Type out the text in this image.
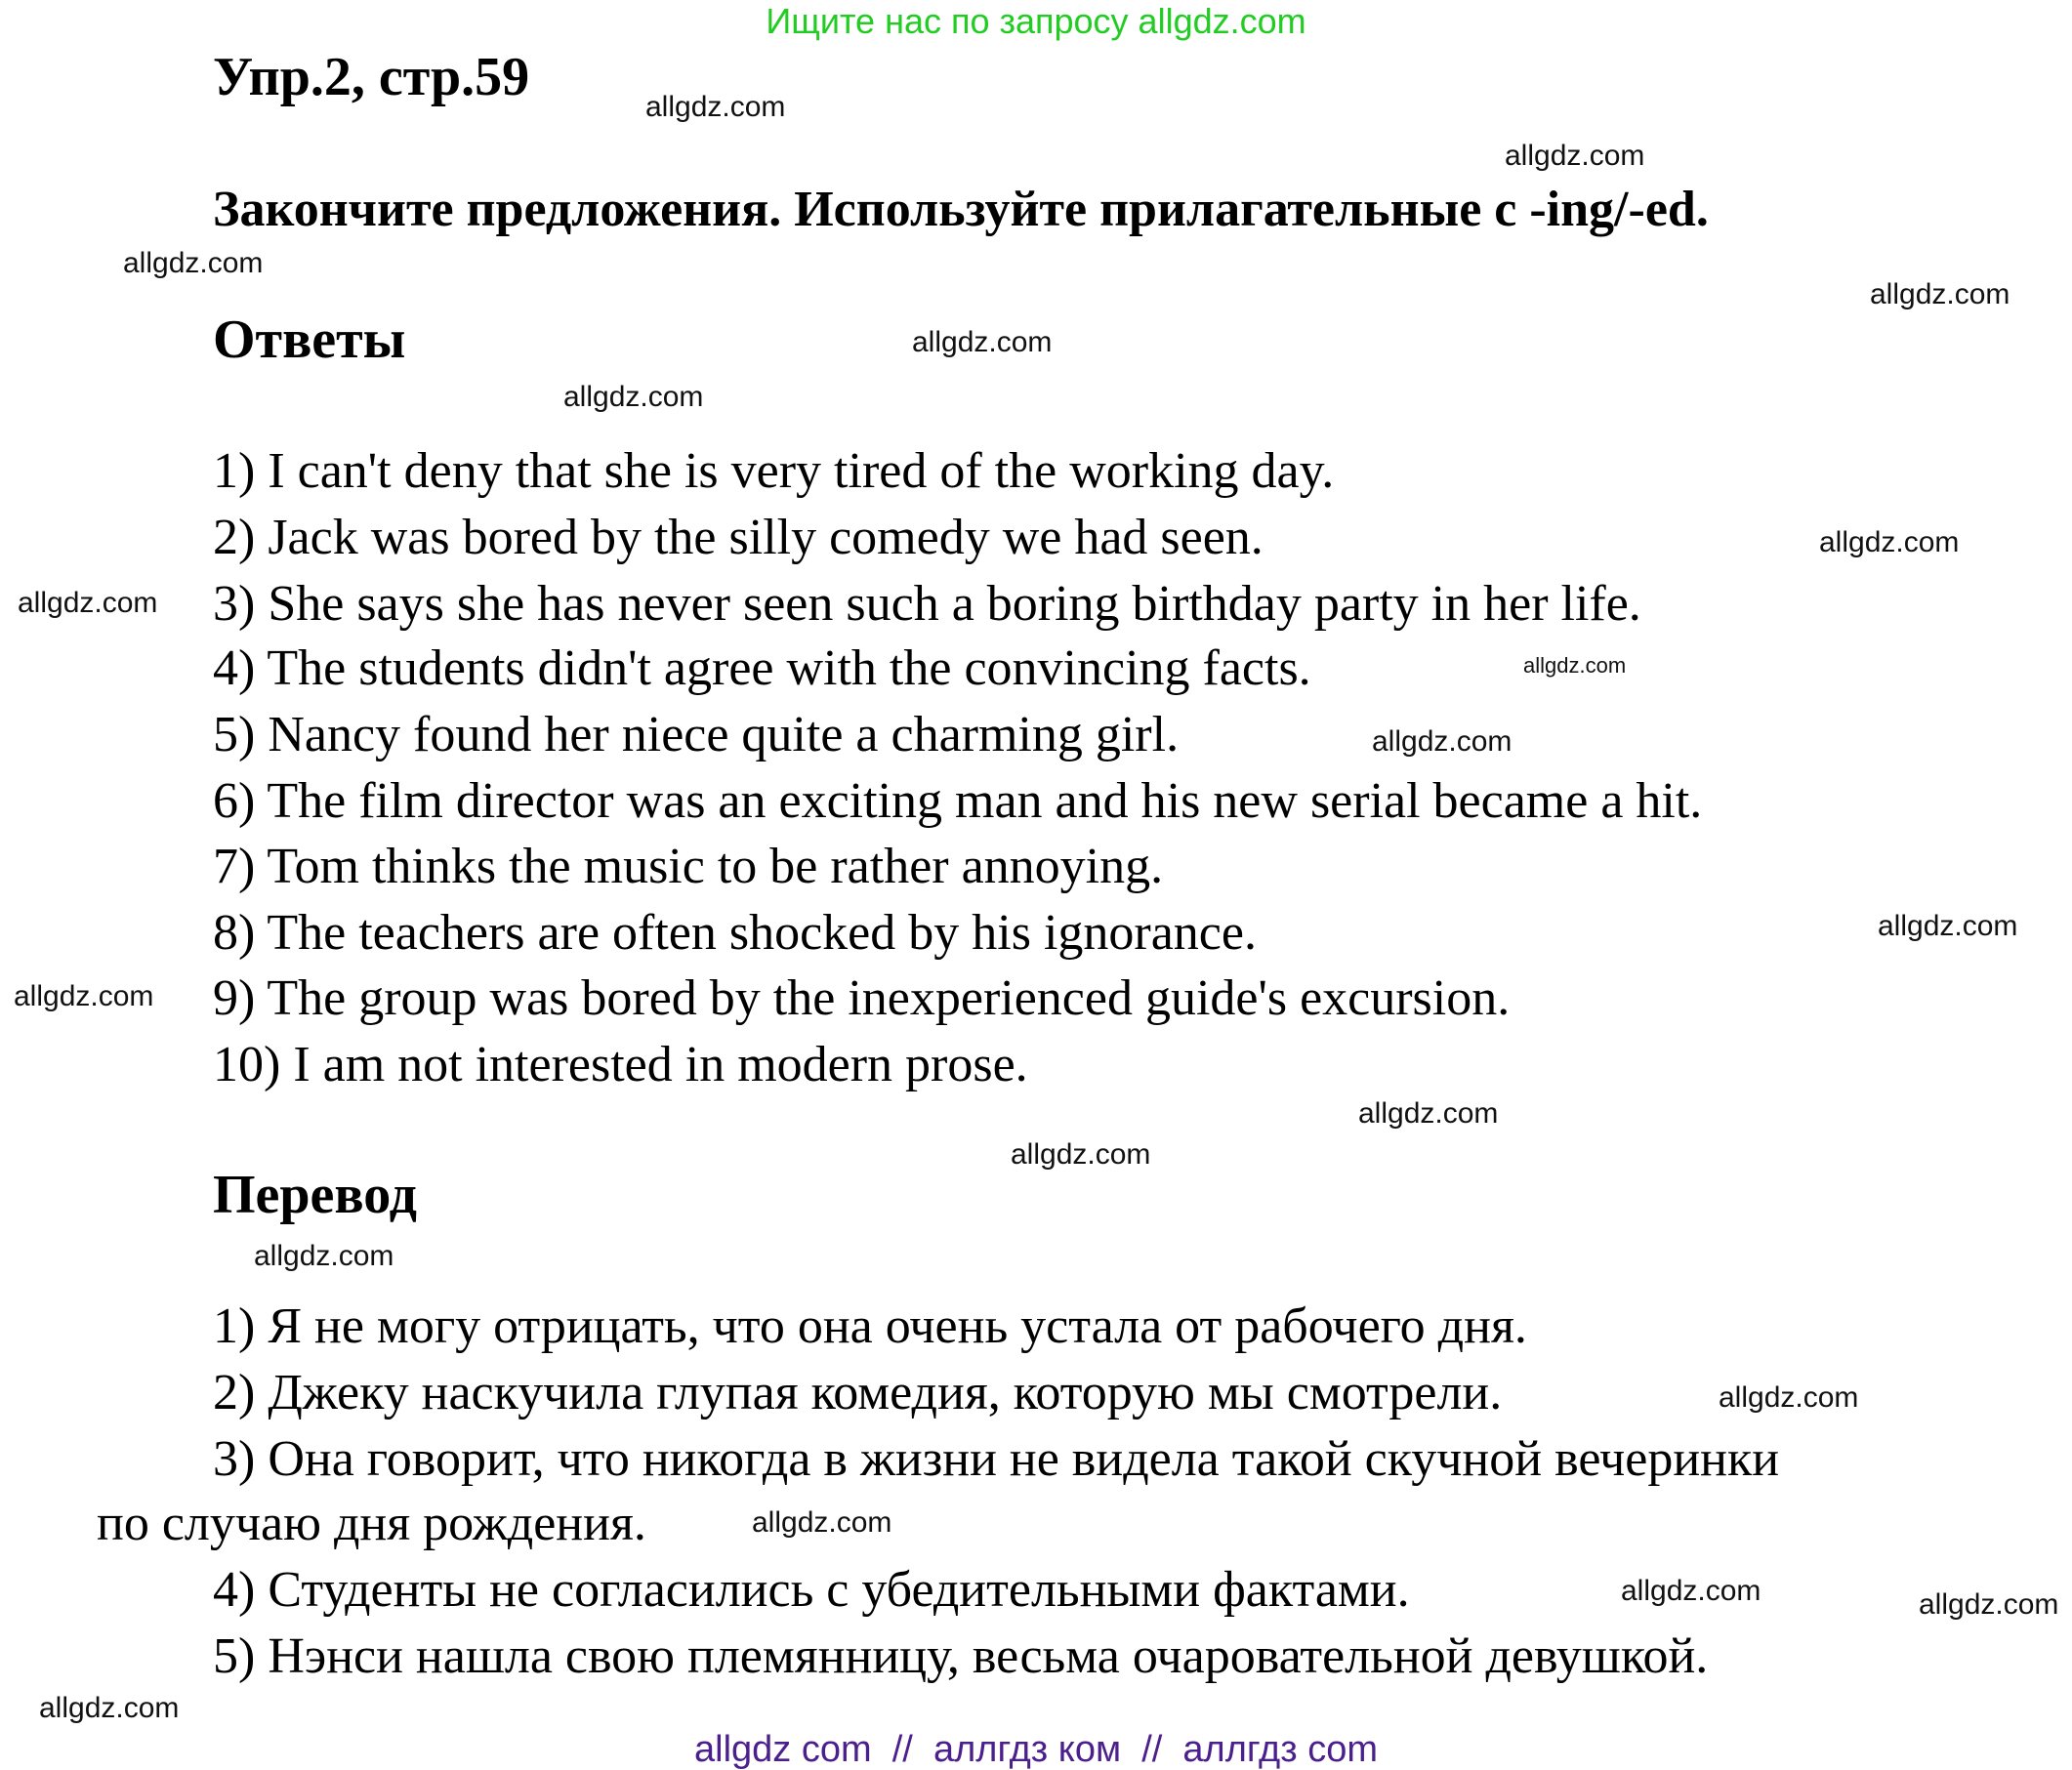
Ищите нас по запросу allgdz.com
Упр.2, стр.59
Закончите предложения. Используйте прилагательные с -ing/-ed.
Ответы
1) I can't deny that she is very tired of the working day.
2) Jack was bored by the silly comedy we had seen.
3) She says she has never seen such a boring birthday party in her life.
4) The students didn't agree with the convincing facts.
5) Nancy found her niece quite a charming girl.
6) The film director was an exciting man and his new serial became a hit.
7) Tom thinks the music to be rather annoying.
8) The teachers are often shocked by his ignorance.
9) The group was bored by the inexperienced guide's excursion.
10) I am not interested in modern prose.
Перевод
1) Я не могу отрицать, что она очень устала от рабочего дня.
2) Джеку наскучила глупая комедия, которую мы смотрели.
3) Она говорит, что никогда в жизни не видела такой скучной вечеринки
по случаю дня рождения.
4) Студенты не согласились с убедительными фактами.
5) Нэнси нашла свою племянницу, весьма очаровательной девушкой.
allgdz.com
allgdz.com
allgdz.com
allgdz.com
allgdz.com
allgdz.com
allgdz.com
allgdz.com
allgdz.com
allgdz.com
allgdz.com
allgdz.com
allgdz.com
allgdz.com
allgdz.com
allgdz.com
allgdz.com
allgdz.com	allgdz.com
allgdz.com
allgdz com  //  аллгдз ком  //  аллгдз com
